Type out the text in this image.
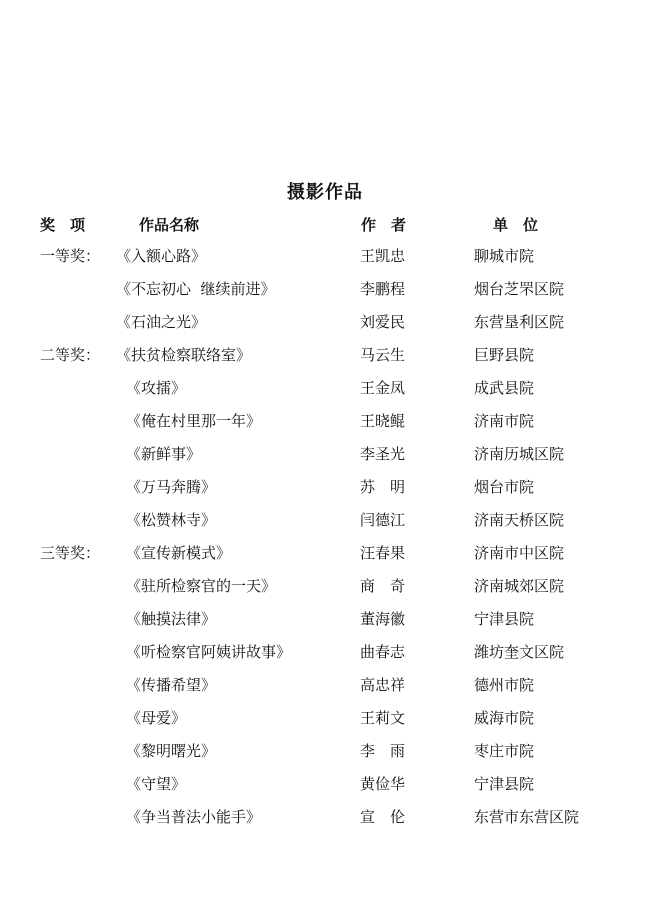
摄影作品
奖　项	作品名称	作　者	单　位
一等奖： 《入额心路》	王凯忠	聊城市院
《不忘初心  继续前进》	李鹏程	烟台芝罘区院
《石油之光》	刘爱民	东营垦利区院
二等奖： 《扶贫检察联络室》	马云生	巨野县院
《攻擂》	王金凤	成武县院
《俺在村里那一年》	王晓鲲	济南市院
《新鲜事》	李圣光	济南历城区院
《万马奔腾》	苏　明	烟台市院
《松赞林寺》	闫德江	济南天桥区院
三等奖： 《宣传新模式》	汪春果	济南市中区院
《驻所检察官的一天》	商　奇	济南城郊区院
《触摸法律》	董海徽	宁津县院
《听检察官阿姨讲故事》	曲春志	潍坊奎文区院
《传播希望》	高忠祥	德州市院
《母爱》	王莉文	威海市院
《黎明曙光》	李　雨	枣庄市院
《守望》	黄俭华	宁津县院
《争当普法小能手》	宣　伦	东营市东营区院
